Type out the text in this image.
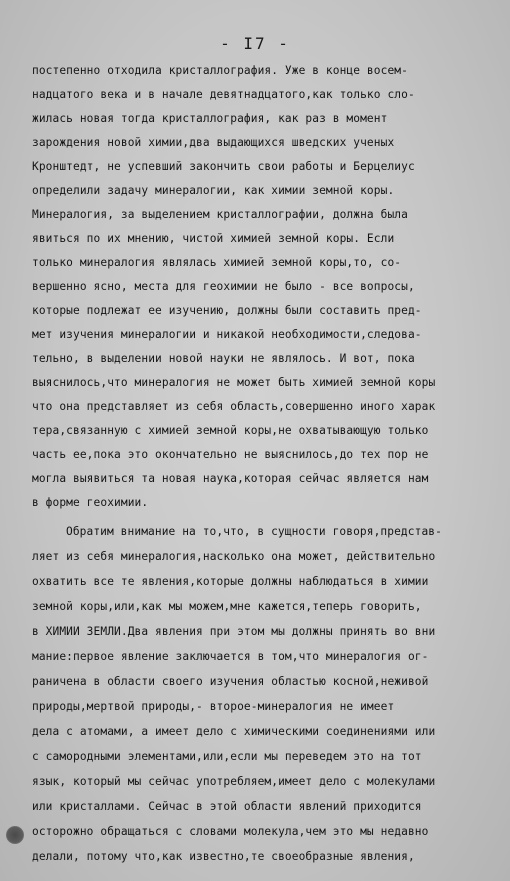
- I7 -
постепенно отходила кристаллография. Уже в конце восем-
надцатого века и в начале девятнадцатого,как только сло-
жилась новая тогда кристаллография, как раз в момент
зарождения новой химии,два выдающихся шведских ученых
Кронштедт, не успевший закончить свои работы и Берцелиус
определили задачу минералогии, как химии земной коры.
Минералогия, за выделением кристаллографии, должна была
явиться по их мнению, чистой химией земной коры. Если
только минералогия являлась химией земной коры,то, со-
вершенно ясно, места для геохимии не было - все вопросы,
которые подлежат ее изучению, должны были составить пред-
мет изучения минералогии и никакой необходимости,следова-
тельно, в выделении новой науки не являлось. И вот, пока
выяснилось,что минералогия не может быть химией земной коры
что она представляет из себя область,совершенно иного харак
тера,связанную с химией земной коры,не охватывающую только
часть ее,пока это окончательно не выяснилось,до тех пор не
могла выявиться та новая наука,которая сейчас является нам
в форме геохимии.
Обратим внимание на то,что, в сущности говоря,представ-
ляет из себя минералогия,насколько она может, действительно
охватить все те явления,которые должны наблюдаться в химии
земной коры,или,как мы можем,мне кажется,теперь говорить,
в ХИМИИ ЗЕМЛИ.Два явления при этом мы должны принять во вни
мание:первое явление заключается в том,что минералогия ог-
раничена в области своего изучения областью косной,неживой
природы,мертвой природы,- второе-минералогия не имеет
дела с атомами, а имеет дело с химическими соединениями или
с самородными элементами,или,если мы переведем это на тот
язык, который мы сейчас употребляем,имеет дело с молекулами
или кристаллами. Сейчас в этой области явлений приходится
осторожно обращаться с словами молекула,чем это мы недавно
делали, потому что,как известно,те своеобразные явления,
